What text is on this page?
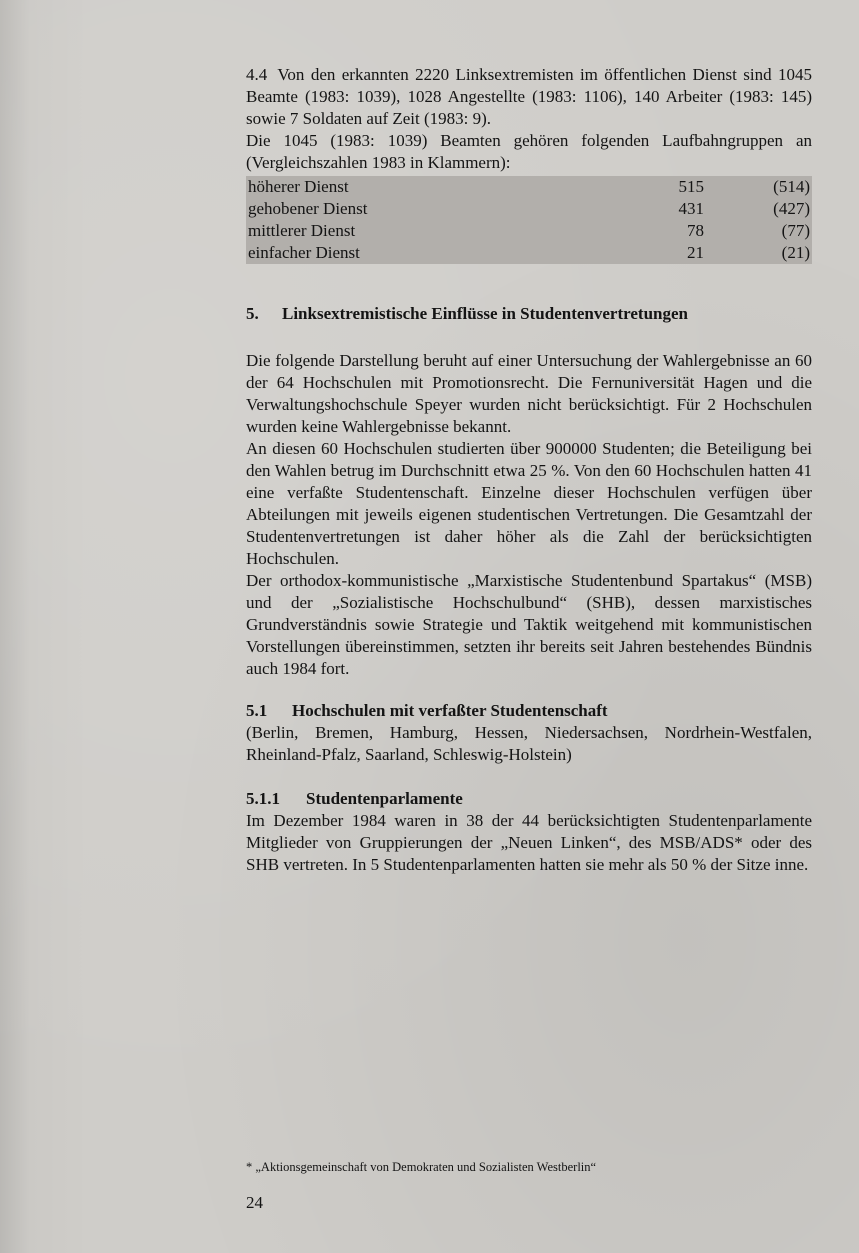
4.4 Von den erkannten 2220 Linksextremisten im öffentlichen Dienst sind 1045 Beamte (1983: 1039), 1028 Angestellte (1983: 1106), 140 Arbeiter (1983: 145) sowie 7 Soldaten auf Zeit (1983: 9).

Die 1045 (1983: 1039) Beamten gehören folgenden Laufbahngruppen an (Vergleichszahlen 1983 in Klammern):

höherer Dienst	515	(514)
gehobener Dienst	431	(427)
mittlerer Dienst	78	(77)
einfacher Dienst	21	(21)
5. Linksextremistische Einflüsse in Studentenvertretungen

Die folgende Darstellung beruht auf einer Untersuchung der Wahlergebnisse an 60 der 64 Hochschulen mit Promotionsrecht. Die Fernuniversität Hagen und die Verwaltungshochschule Speyer wurden nicht berücksichtigt. Für 2 Hochschulen wurden keine Wahlergebnisse bekannt.

An diesen 60 Hochschulen studierten über 900000 Studenten; die Beteiligung bei den Wahlen betrug im Durchschnitt etwa 25 %. Von den 60 Hochschulen hatten 41 eine verfaßte Studentenschaft. Einzelne dieser Hochschulen verfügen über Abteilungen mit jeweils eigenen studentischen Vertretungen. Die Gesamtzahl der Studentenvertretungen ist daher höher als die Zahl der berücksichtigten Hochschulen.

Der orthodox-kommunistische „Marxistische Studentenbund Spartakus“ (MSB) und der „Sozialistische Hochschulbund“ (SHB), dessen marxistisches Grundverständnis sowie Strategie und Taktik weitgehend mit kommunistischen Vorstellungen übereinstimmen, setzten ihr bereits seit Jahren bestehendes Bündnis auch 1984 fort.

5.1 Hochschulen mit verfaßter Studentenschaft

(Berlin, Bremen, Hamburg, Hessen, Niedersachsen, Nordrhein-Westfalen, Rheinland-Pfalz, Saarland, Schleswig-Holstein)

5.1.1 Studentenparlamente

Im Dezember 1984 waren in 38 der 44 berücksichtigten Studentenparlamente Mitglieder von Gruppierungen der „Neuen Linken“, des MSB/ADS* oder des SHB vertreten. In 5 Studentenparlamenten hatten sie mehr als 50 % der Sitze inne.

* „Aktionsgemeinschaft von Demokraten und Sozialisten Westberlin“
24
